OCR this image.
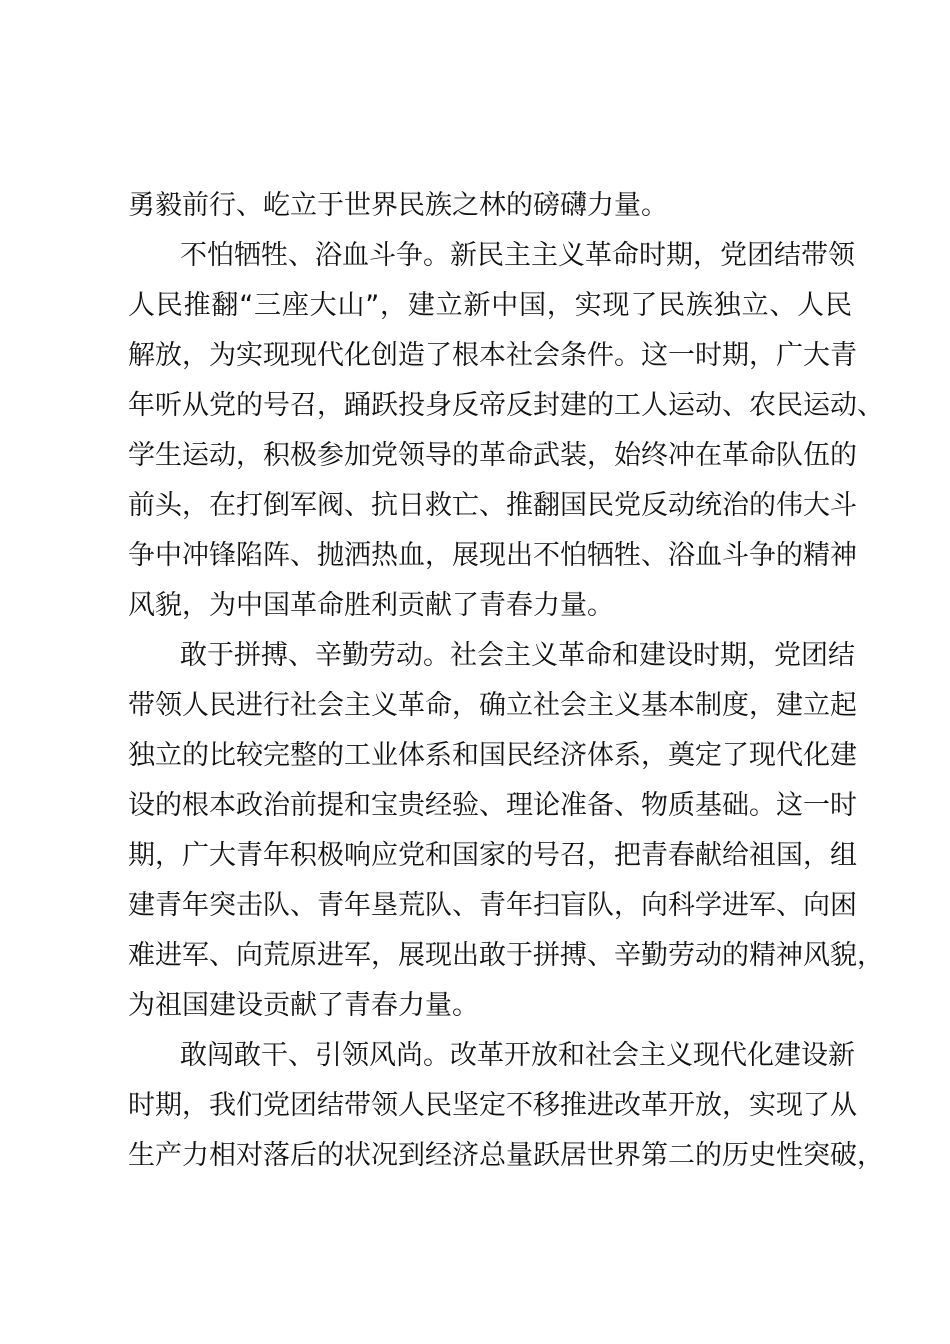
勇毅前行、屹立于世界民族之林的磅礴力量。
不怕牺牲、浴血斗争。新民主主义革命时期，党团结带领
人民推翻“三座大山”，建立新中国，实现了民族独立、人民
解放，为实现现代化创造了根本社会条件。这一时期，广大青
年听从党的号召，踊跃投身反帝反封建的工人运动、农民运动、
学生运动，积极参加党领导的革命武装，始终冲在革命队伍的
前头，在打倒军阀、抗日救亡、推翻国民党反动统治的伟大斗
争中冲锋陷阵、抛洒热血，展现出不怕牺牲、浴血斗争的精神
风貌，为中国革命胜利贡献了青春力量。
敢于拼搏、辛勤劳动。社会主义革命和建设时期，党团结
带领人民进行社会主义革命，确立社会主义基本制度，建立起
独立的比较完整的工业体系和国民经济体系，奠定了现代化建
设的根本政治前提和宝贵经验、理论准备、物质基础。这一时
期，广大青年积极响应党和国家的号召，把青春献给祖国，组
建青年突击队、青年垦荒队、青年扫盲队，向科学进军、向困
难进军、向荒原进军，展现出敢于拼搏、辛勤劳动的精神风貌，
为祖国建设贡献了青春力量。
敢闯敢干、引领风尚。改革开放和社会主义现代化建设新
时期，我们党团结带领人民坚定不移推进改革开放，实现了从
生产力相对落后的状况到经济总量跃居世界第二的历史性突破，
